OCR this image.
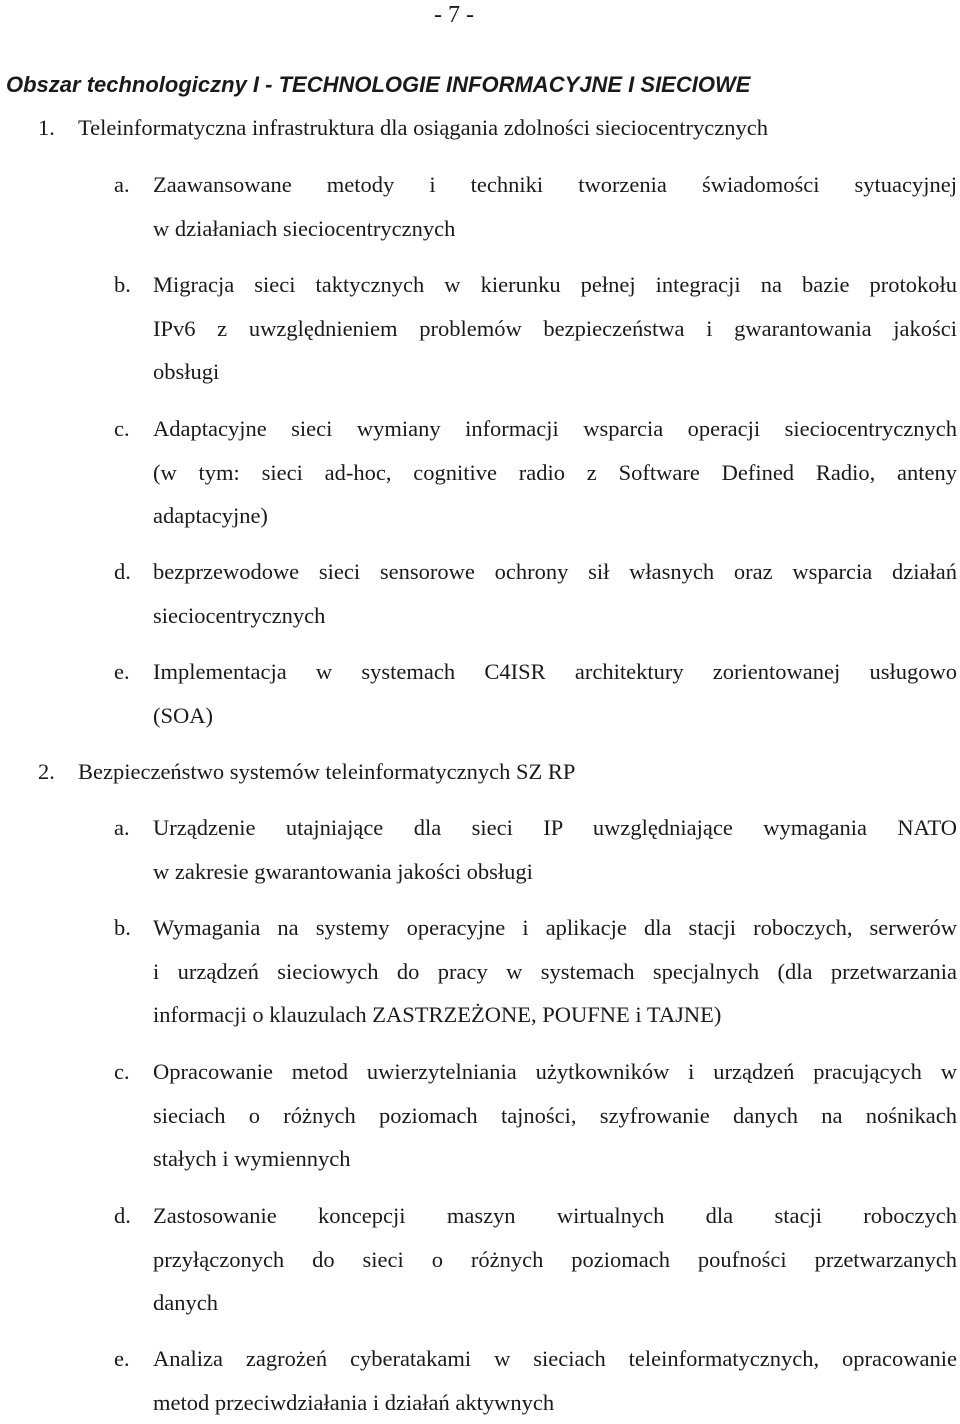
- 7 -
Obszar technologiczny I - TECHNOLOGIE INFORMACYJNE I SIECIOWE
1. Teleinformatyczna infrastruktura dla osiągania zdolności sieciocentrycznych
a. Zaawansowane metody i techniki tworzenia świadomości sytuacyjnej
w działaniach sieciocentrycznych
b. Migracja sieci taktycznych w kierunku pełnej integracji na bazie protokołu
IPv6 z uwzględnieniem problemów bezpieczeństwa i gwarantowania jakości
obsługi
c. Adaptacyjne sieci wymiany informacji wsparcia operacji sieciocentrycznych
(w tym: sieci ad-hoc, cognitive radio z Software Defined Radio, anteny
adaptacyjne)
d. bezprzewodowe sieci sensorowe ochrony sił własnych oraz wsparcia działań
sieciocentrycznych
e. Implementacja w systemach C4ISR architektury zorientowanej usługowo
(SOA)
2. Bezpieczeństwo systemów teleinformatycznych SZ RP
a. Urządzenie utajniające dla sieci IP uwzględniające wymagania NATO
w zakresie gwarantowania jakości obsługi
b. Wymagania na systemy operacyjne i aplikacje dla stacji roboczych, serwerów
i urządzeń sieciowych do pracy w systemach specjalnych (dla przetwarzania
informacji o klauzulach ZASTRZEŻONE, POUFNE i TAJNE)
c. Opracowanie metod uwierzytelniania użytkowników i urządzeń pracujących w
sieciach o różnych poziomach tajności, szyfrowanie danych na nośnikach
stałych i wymiennych
d. Zastosowanie koncepcji maszyn wirtualnych dla stacji roboczych
przyłączonych do sieci o różnych poziomach poufności przetwarzanych
danych
e. Analiza zagrożeń cyberatakami w sieciach teleinformatycznych, opracowanie
metod przeciwdziałania i działań aktywnych
